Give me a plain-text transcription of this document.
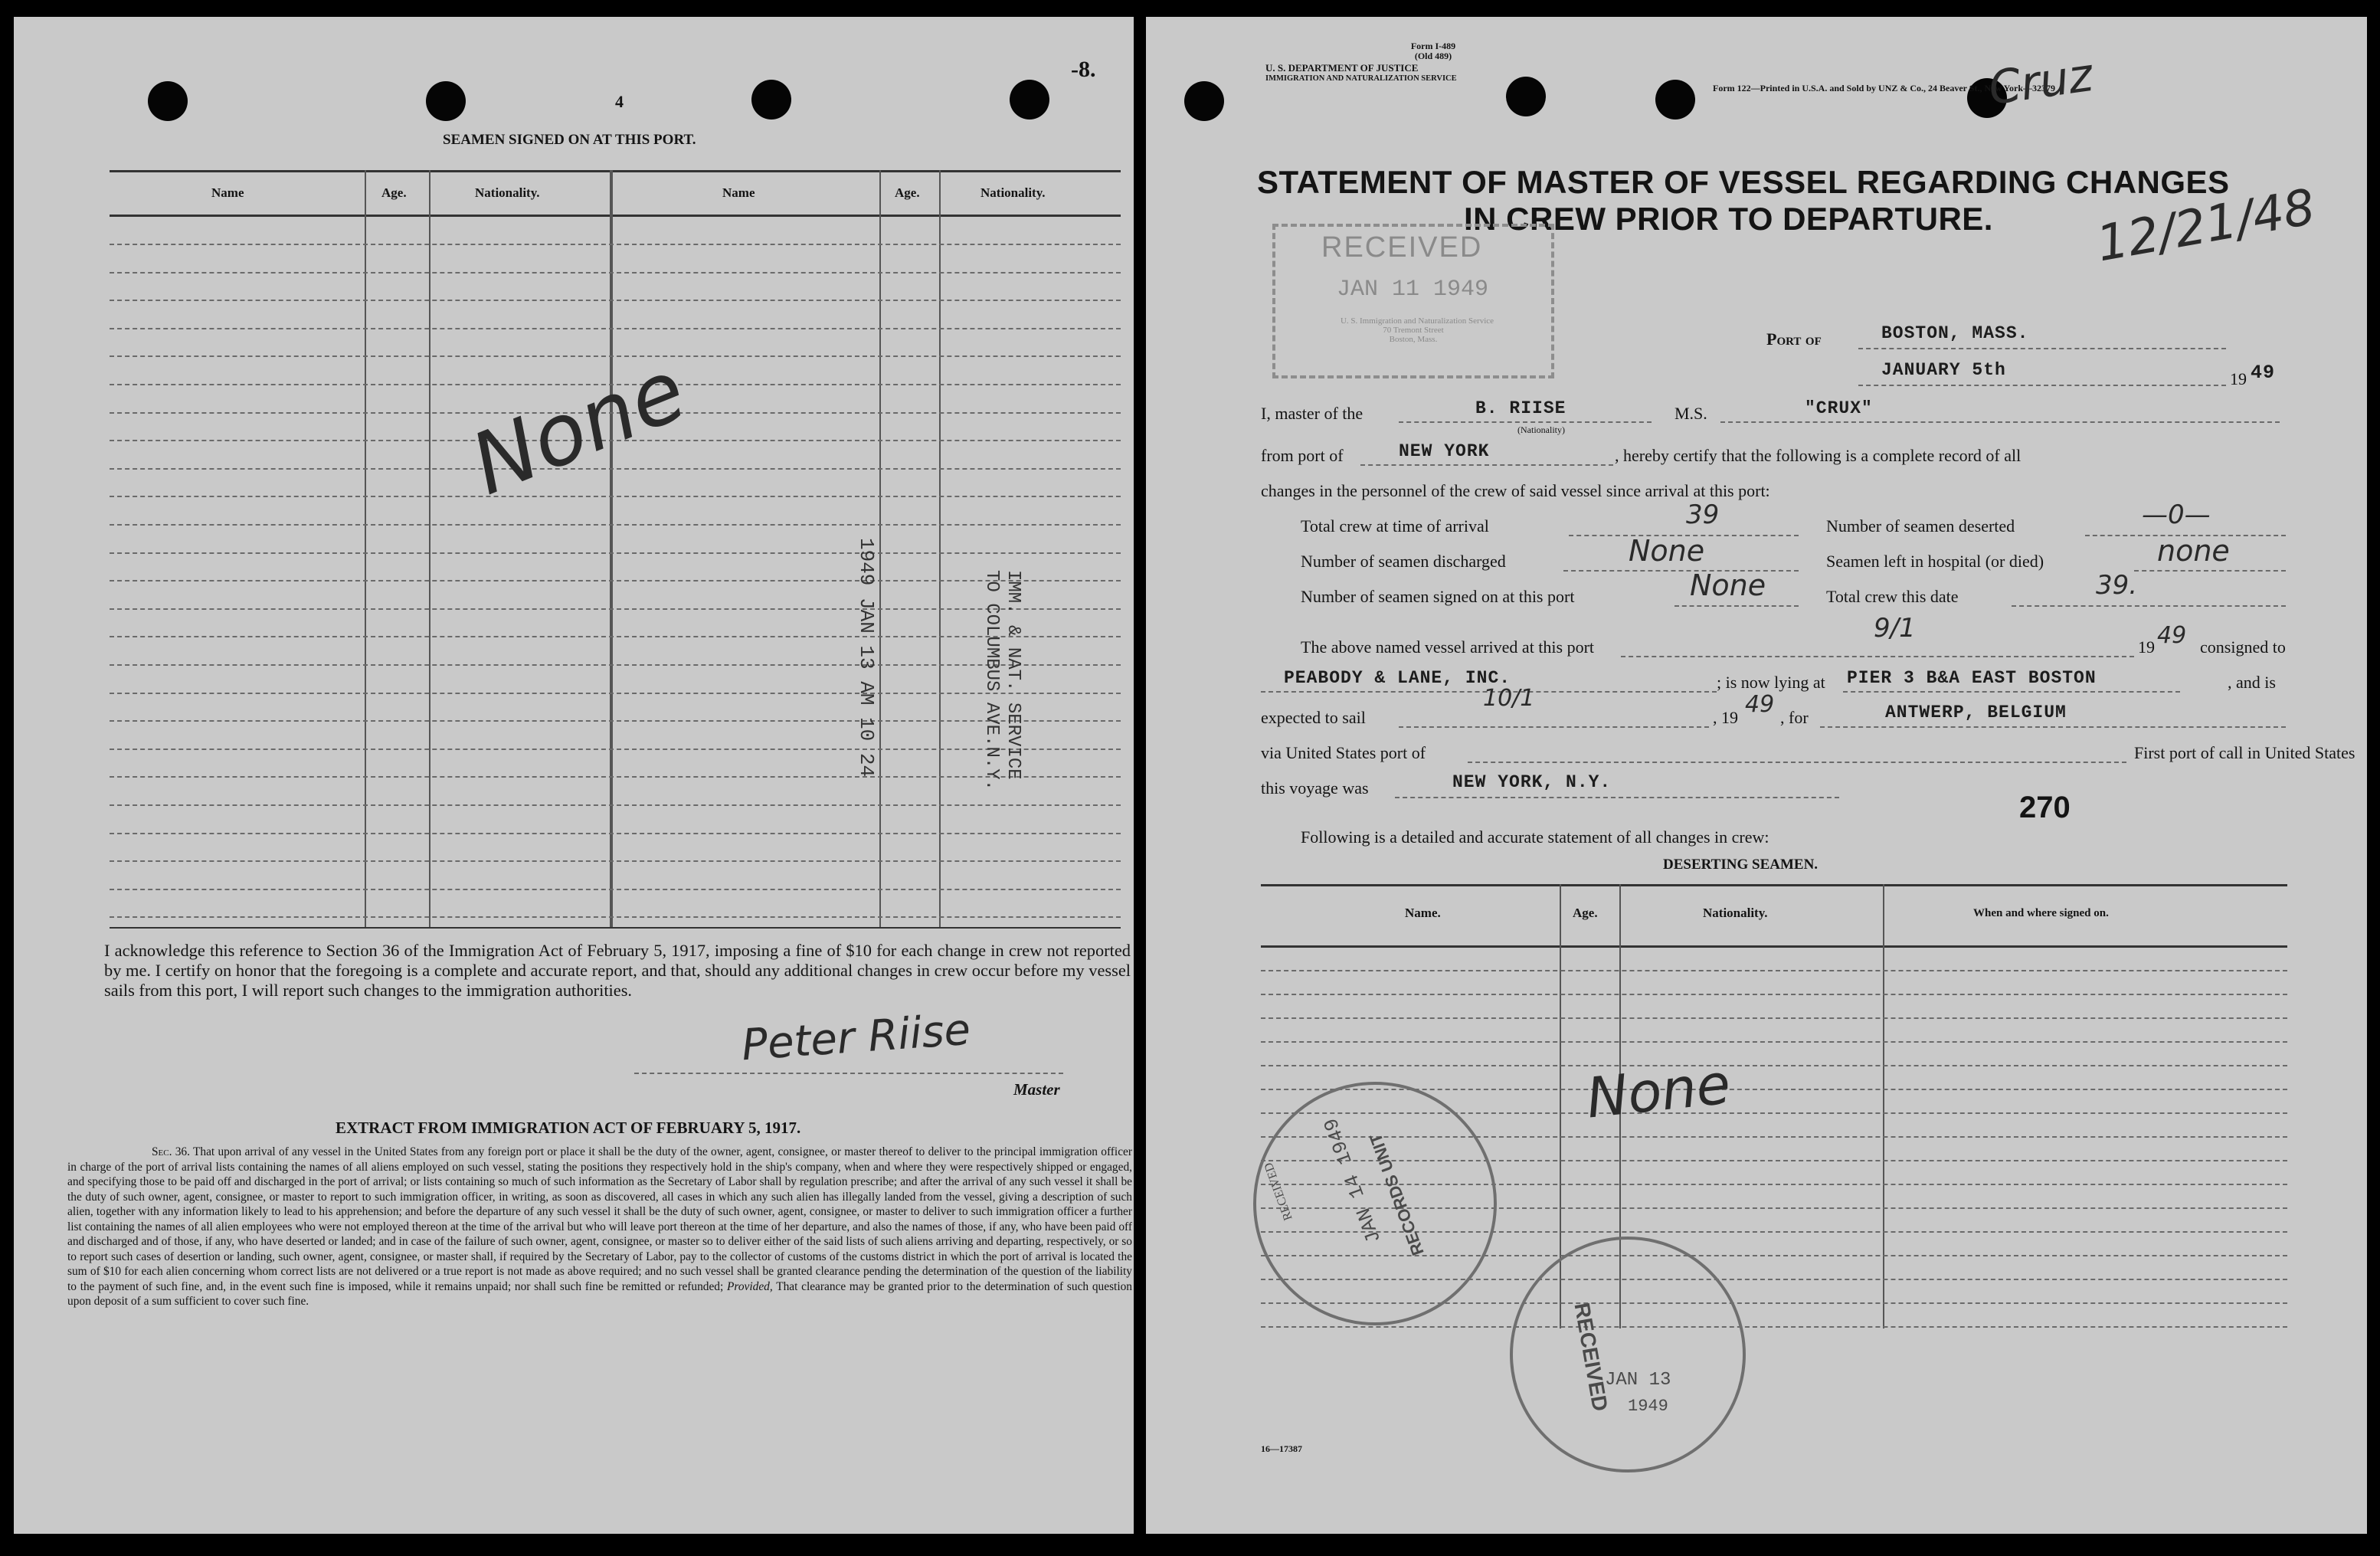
4
-8.
SEAMEN SIGNED ON AT THIS PORT.
Name	Age.	Nationality.	Name	Age.	Nationality.
None
1949 JAN 13 AM 10 24	IMM. & NAT. SERVICE
TO COLUMBUS AVE.N.Y.
I acknowledge this reference to Section 36 of the Immigration Act of February 5, 1917, imposing a fine of $10 for each change in crew not reported by me. I certify on honor that the foregoing is a complete and accurate report, and that, should any additional changes in crew occur before my vessel sails from this port, I will report such changes to the immigration authorities.
Peter Riise
Master
EXTRACT FROM IMMIGRATION ACT OF FEBRUARY 5, 1917.
Sec. 36. That upon arrival of any vessel in the United States from any foreign port or place it shall be the duty of the owner, agent, consignee, or master thereof to deliver to the principal immigration officer in charge of the port of arrival lists containing the names of all aliens employed on such vessel, stating the positions they respectively hold in the ship's company, when and where they were respectively shipped or engaged, and specifying those to be paid off and discharged in the port of arrival; or lists containing so much of such information as the Secretary of Labor shall by regulation prescribe; and after the arrival of any such vessel it shall be the duty of such owner, agent, consignee, or master to report to such immigration officer, in writing, as soon as discovered, all cases in which any such alien has illegally landed from the vessel, giving a description of such alien, together with any information likely to lead to his apprehension; and before the departure of any such vessel it shall be the duty of such owner, agent, consignee, or master to deliver to such immigration officer a further list containing the names of all alien employees who were not employed thereon at the time of the arrival but who will leave port thereon at the time of her departure, and also the names of those, if any, who have been paid off and discharged and of those, if any, who have deserted or landed; and in case of the failure of such owner, agent, consignee, or master so to deliver either of the said lists of such aliens arriving and departing, respectively, or so to report such cases of desertion or landing, such owner, agent, consignee, or master shall, if required by the Secretary of Labor, pay to the collector of customs of the customs district in which the port of arrival is located the sum of $10 for each alien concerning whom correct lists are not delivered or a true report is not made as above required; and no such vessel shall be granted clearance pending the determination of the question of the liability to the payment of such fine, and, in the event such fine is imposed, while it remains unpaid; nor shall such fine be remitted or refunded; Provided, That clearance may be granted prior to the determination of such question upon deposit of a sum sufficient to cover such fine.
Form I-489
(Old 489)
U. S. DEPARTMENT OF JUSTICE
IMMIGRATION AND NATURALIZATION SERVICE
Form 122—Printed in U.S.A. and Sold by UNZ & Co., 24 Beaver St., New York—32379
Cruz
12/21/48
STATEMENT OF MASTER OF VESSEL REGARDING CHANGES
IN CREW PRIOR TO DEPARTURE.
RECEIVED
JAN 11 1949
U. S. Immigration and Naturalization Service
70 Tremont Street
Boston, Mass.	Port of	BOSTON, MASS.
JANUARY 5th	19 49
I, master of the	B. RIISE
(Nationality)
M.S.	"CRUX"
from port of	NEW YORK	, hereby certify that the following is a complete record of all
changes in the personnel of the crew of said vessel since arrival at this port:
Total crew at time of arrival	39	Number of seamen deserted	—0—
Number of seamen discharged	None	Seamen left in hospital (or died)	none
Number of seamen signed on at this port	None	Total crew this date	39.
The above named vessel arrived at this port
9/1
19 49 consigned to
PEABODY & LANE, INC.	; is now lying at PIER 3 B&A EAST BOSTON	, and is
expected to sail
10/1
, 19 49 , for	ANTWERP, BELGIUM
via United States port of	First port of call in United States
this voyage was	NEW YORK, N.Y.
270
Following is a detailed and accurate statement of all changes in crew:
DESERTING SEAMEN.
Name.	Age.	Nationality.	When and where signed on.
None
JAN 14 1949
RECORDS UNIT
RECEIVED
RECEIVED
JAN 13
1949
16—17387
